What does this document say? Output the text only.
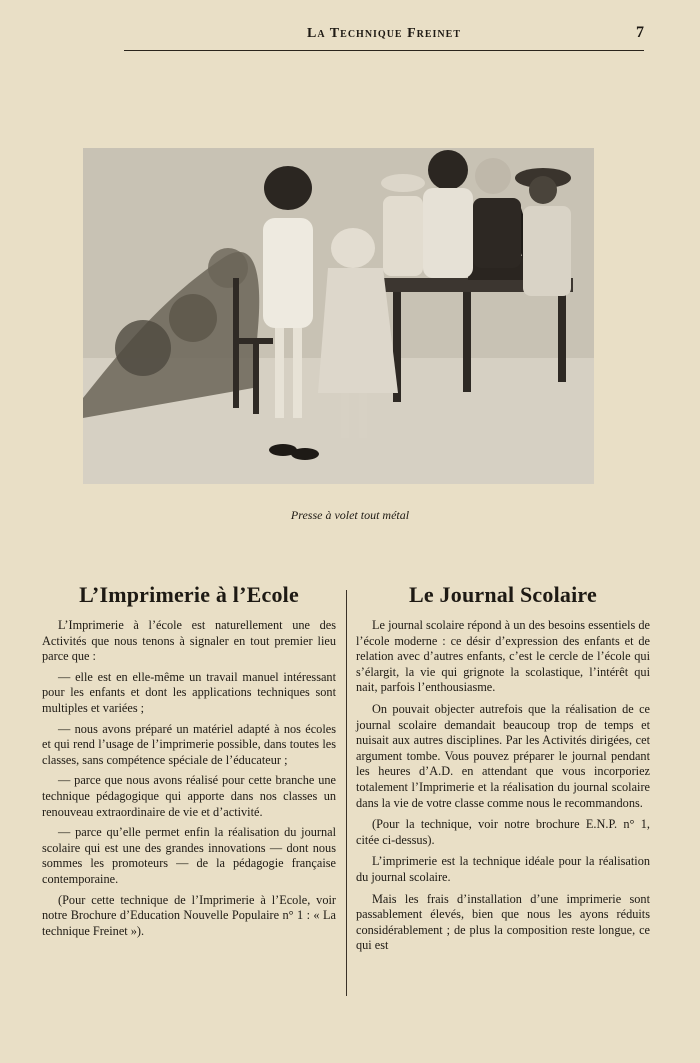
La Technique Freinet	7
Presse à volet tout métal
L’Imprimerie à l’Ecole

L’Imprimerie à l’école est naturellement une des Activités que nous tenons à signaler en tout premier lieu parce que :

— elle est en elle-même un travail manuel intéressant pour les enfants et dont les applications techniques sont multiples et variées ;

— nous avons préparé un matériel adapté à nos écoles et qui rend l’usage de l’imprimerie possible, dans toutes les classes, sans compétence spéciale de l’éducateur ;

— parce que nous avons réalisé pour cette branche une technique pédagogique qui apporte dans nos classes un renouveau extraordinaire de vie et d’activité.

— parce qu’elle permet enfin la réalisation du journal scolaire qui est une des grandes innovations — dont nous sommes les promoteurs — de la pédagogie française contemporaine.

(Pour cette technique de l’Imprimerie à l’Ecole, voir notre Brochure d’Education Nouvelle Populaire n° 1 : « La technique Freinet »).

Le Journal Scolaire

Le journal scolaire répond à un des besoins essentiels de l’école moderne : ce désir d’expression des enfants et de relation avec d’autres enfants, c’est le cercle de l’école qui s’élargit, la vie qui grignote la scolastique, l’intérêt qui nait, parfois l’enthousiasme.

On pouvait objecter autrefois que la réalisation de ce journal scolaire demandait beaucoup trop de temps et nuisait aux autres disciplines. Par les Activités dirigées, cet argument tombe. Vous pouvez préparer le journal pendant les heures d’A.D. en attendant que vous incorporiez totalement l’Imprimerie et la réalisation du journal scolaire dans la vie de votre classe comme nous le recommandons.

(Pour la technique, voir notre brochure E.N.P. n° 1, citée ci-dessus).

L’imprimerie est la technique idéale pour la réalisation du journal scolaire.

Mais les frais d’installation d’une imprimerie sont passablement élevés, bien que nous les ayons réduits considérablement ; de plus la composition reste longue, ce qui est
